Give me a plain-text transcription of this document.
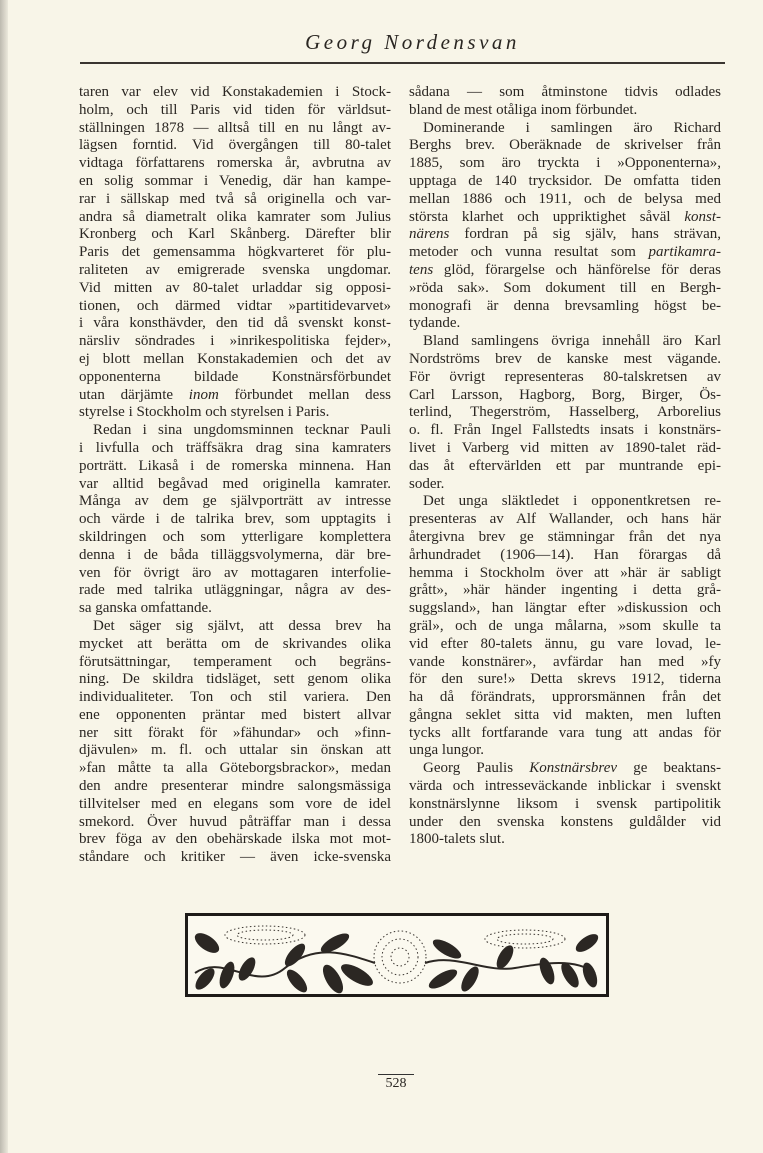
Georg Nordensvan
taren var elev vid Konstakademien i Stock-
holm, och till Paris vid tiden för världsut-
ställningen 1878 — alltså till en nu långt av-
lägsen forntid. Vid övergången till 80-talet
vidtaga författarens romerska år, avbrutna av
en solig sommar i Venedig, där han kampe-
rar i sällskap med två så originella och var-
andra så diametralt olika kamrater som Julius
Kronberg och Karl Skånberg. Därefter blir
Paris det gemensamma högkvarteret för plu-
raliteten av emigrerade svenska ungdomar.
Vid mitten av 80-talet urladdar sig opposi-
tionen, och därmed vidtar »partitidevarvet»
i våra konsthävder, den tid då svenskt konst-
närsliv söndrades i »inrikespolitiska fejder»,
ej blott mellan Konstakademien och det av
opponenterna bildade Konstnärsförbundet
utan därjämte inom förbundet mellan dess
styrelse i Stockholm och styrelsen i Paris.
Redan i sina ungdomsminnen tecknar Pauli
i livfulla och träffsäkra drag sina kamraters
porträtt. Likaså i de romerska minnena. Han
var alltid begåvad med originella kamrater.
Många av dem ge självporträtt av intresse
och värde i de talrika brev, som upptagits i
skildringen och som ytterligare komplettera
denna i de båda tilläggsvolymerna, där bre-
ven för övrigt äro av mottagaren interfolie-
rade med talrika utläggningar, några av des-
sa ganska omfattande.
Det säger sig självt, att dessa brev ha
mycket att berätta om de skrivandes olika
förutsättningar, temperament och begräns-
ning. De skildra tidsläget, sett genom olika
individualiteter. Ton och stil variera. Den
ene opponenten präntar med bistert allvar
ner sitt förakt för »fähundar» och »finn-
djävulen» m. fl. och uttalar sin önskan att
»fan måtte ta alla Göteborgsbrackor», medan
den andre presenterar mindre salongsmässiga
tillvitelser med en elegans som vore de idel
smekord. Över huvud påträffar man i dessa
brev föga av den obehärskade ilska mot mot-
ståndare och kritiker — även icke-svenska
sådana — som åtminstone tidvis odlades
bland de mest otåliga inom förbundet.
Dominerande i samlingen äro Richard
Berghs brev. Oberäknade de skrivelser från
1885, som äro tryckta i »Opponenterna»,
upptaga de 140 trycksidor. De omfatta tiden
mellan 1886 och 1911, och de belysa med
största klarhet och uppriktighet såväl konst-
närens fordran på sig själv, hans strävan,
metoder och vunna resultat som partikamra-
tens glöd, förargelse och hänförelse för deras
»röda sak». Som dokument till en Bergh-
monografi är denna brevsamling högst be-
tydande.
Bland samlingens övriga innehåll äro Karl
Nordströms brev de kanske mest vägande.
För övrigt representeras 80-talskretsen av
Carl Larsson, Hagborg, Borg, Birger, Ös-
terlind, Thegerström, Hasselberg, Arborelius
o. fl. Från Ingel Fallstedts insats i konstnärs-
livet i Varberg vid mitten av 1890-talet räd-
das åt eftervärlden ett par muntrande epi-
soder.
Det unga släktledet i opponentkretsen re-
presenteras av Alf Wallander, och hans här
återgivna brev ge stämningar från det nya
århundradet (1906—14). Han förargas då
hemma i Stockholm över att »här är sabligt
grått», »här händer ingenting i detta grå-
suggsland», han längtar efter »diskussion och
gräl», och de unga målarna, »som skulle ta
vid efter 80-talets ännu, gu vare lovad, le-
vande konstnärer», avfärdar han med »fy
för den sure!» Detta skrevs 1912, tiderna
ha då förändrats, upprorsmännen från det
gångna seklet sitta vid makten, men luften
tycks allt fortfarande vara tung att andas för
unga lungor.
Georg Paulis Konstnärsbrev ge beaktans-
värda och intresseväckande inblickar i svenskt
konstnärslynne liksom i svensk partipolitik
under den svenska konstens guldålder vid
1800-talets slut.
528
